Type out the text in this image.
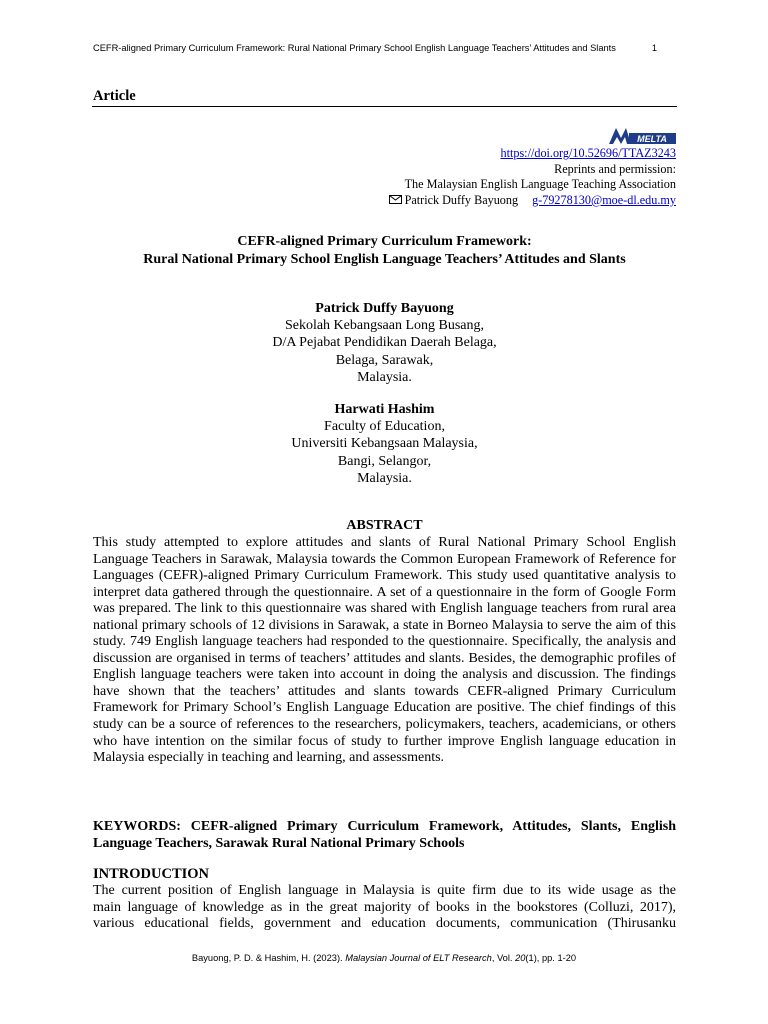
CEFR-aligned Primary Curriculum Framework: Rural National Primary School English Language Teachers’ Attitudes and Slants	1
Article
MELTA
https://doi.org/10.52696/TTAZ3243
Reprints and permission:
The Malaysian English Language Teaching Association
Patrick Duffy Bayuong g-79278130@moe-dl.edu.my
CEFR-aligned Primary Curriculum Framework:
Rural National Primary School English Language Teachers’ Attitudes and Slants
Patrick Duffy Bayuong
Sekolah Kebangsaan Long Busang,
D/A Pejabat Pendidikan Daerah Belaga,
Belaga, Sarawak,
Malaysia.
Harwati Hashim
Faculty of Education,
Universiti Kebangsaan Malaysia,
Bangi, Selangor,
Malaysia.
ABSTRACT
This study attempted to explore attitudes and slants of Rural National Primary School English Language Teachers in Sarawak, Malaysia towards the Common European Framework of Reference for Languages (CEFR)-aligned Primary Curriculum Framework. This study used quantitative analysis to interpret data gathered through the questionnaire. A set of a questionnaire in the form of Google Form was prepared. The link to this questionnaire was shared with English language teachers from rural area national primary schools of 12 divisions in Sarawak, a state in Borneo Malaysia to serve the aim of this study. 749 English language teachers had responded to the questionnaire. Specifically, the analysis and discussion are organised in terms of teachers’ attitudes and slants. Besides, the demographic profiles of English language teachers were taken into account in doing the analysis and discussion. The findings have shown that the teachers’ attitudes and slants towards CEFR-aligned Primary Curriculum Framework for Primary School’s English Language Education are positive. The chief findings of this study can be a source of references to the researchers, policymakers, teachers, academicians, or others who have intention on the similar focus of study to further improve English language education in Malaysia especially in teaching and learning, and assessments.
KEYWORDS: CEFR-aligned Primary Curriculum Framework, Attitudes, Slants, English Language Teachers, Sarawak Rural National Primary Schools
INTRODUCTION
The current position of English language in Malaysia is quite firm due to its wide usage as the
main language of knowledge as in the great majority of books in the bookstores (Colluzi, 2017),
various educational fields, government and education documents, communication (Thirusanku
Bayuong, P. D. & Hashim, H. (2023). Malaysian Journal of ELT Research, Vol. 20(1), pp. 1-20
